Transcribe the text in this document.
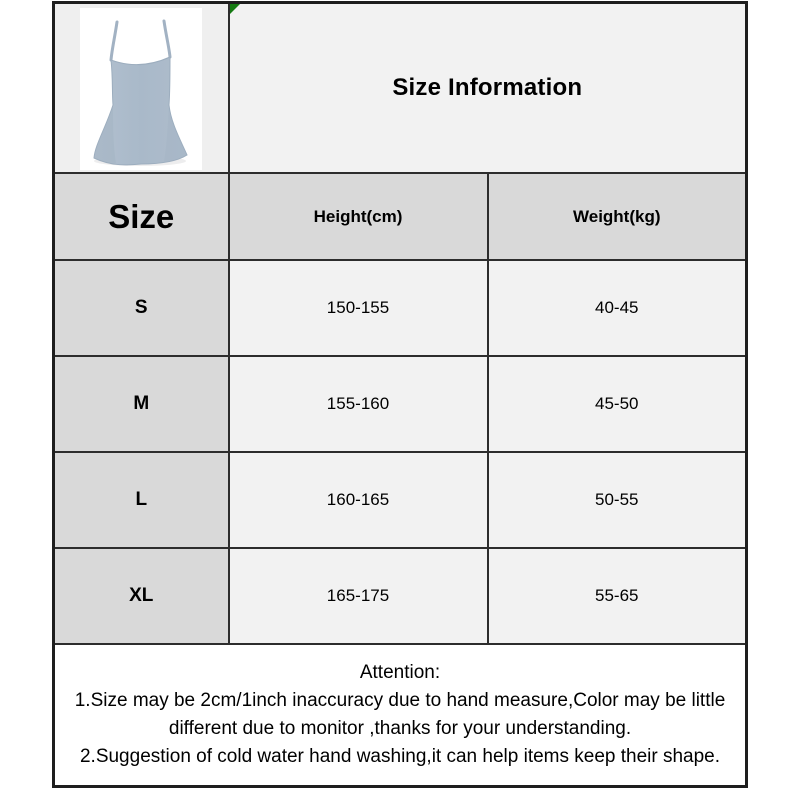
Size Information	
Size	Height(cm)	Weight(kg)
S	150-155	40-45
M	155-160	45-50
L	160-165	50-55
XL	165-175	55-65

Attention:

1.Size may be 2cm/1inch inaccuracy due to hand measure,Color may be little different due to monitor ,thanks for your understanding.

2.Suggestion of cold water hand washing,it can help items keep their shape.		
